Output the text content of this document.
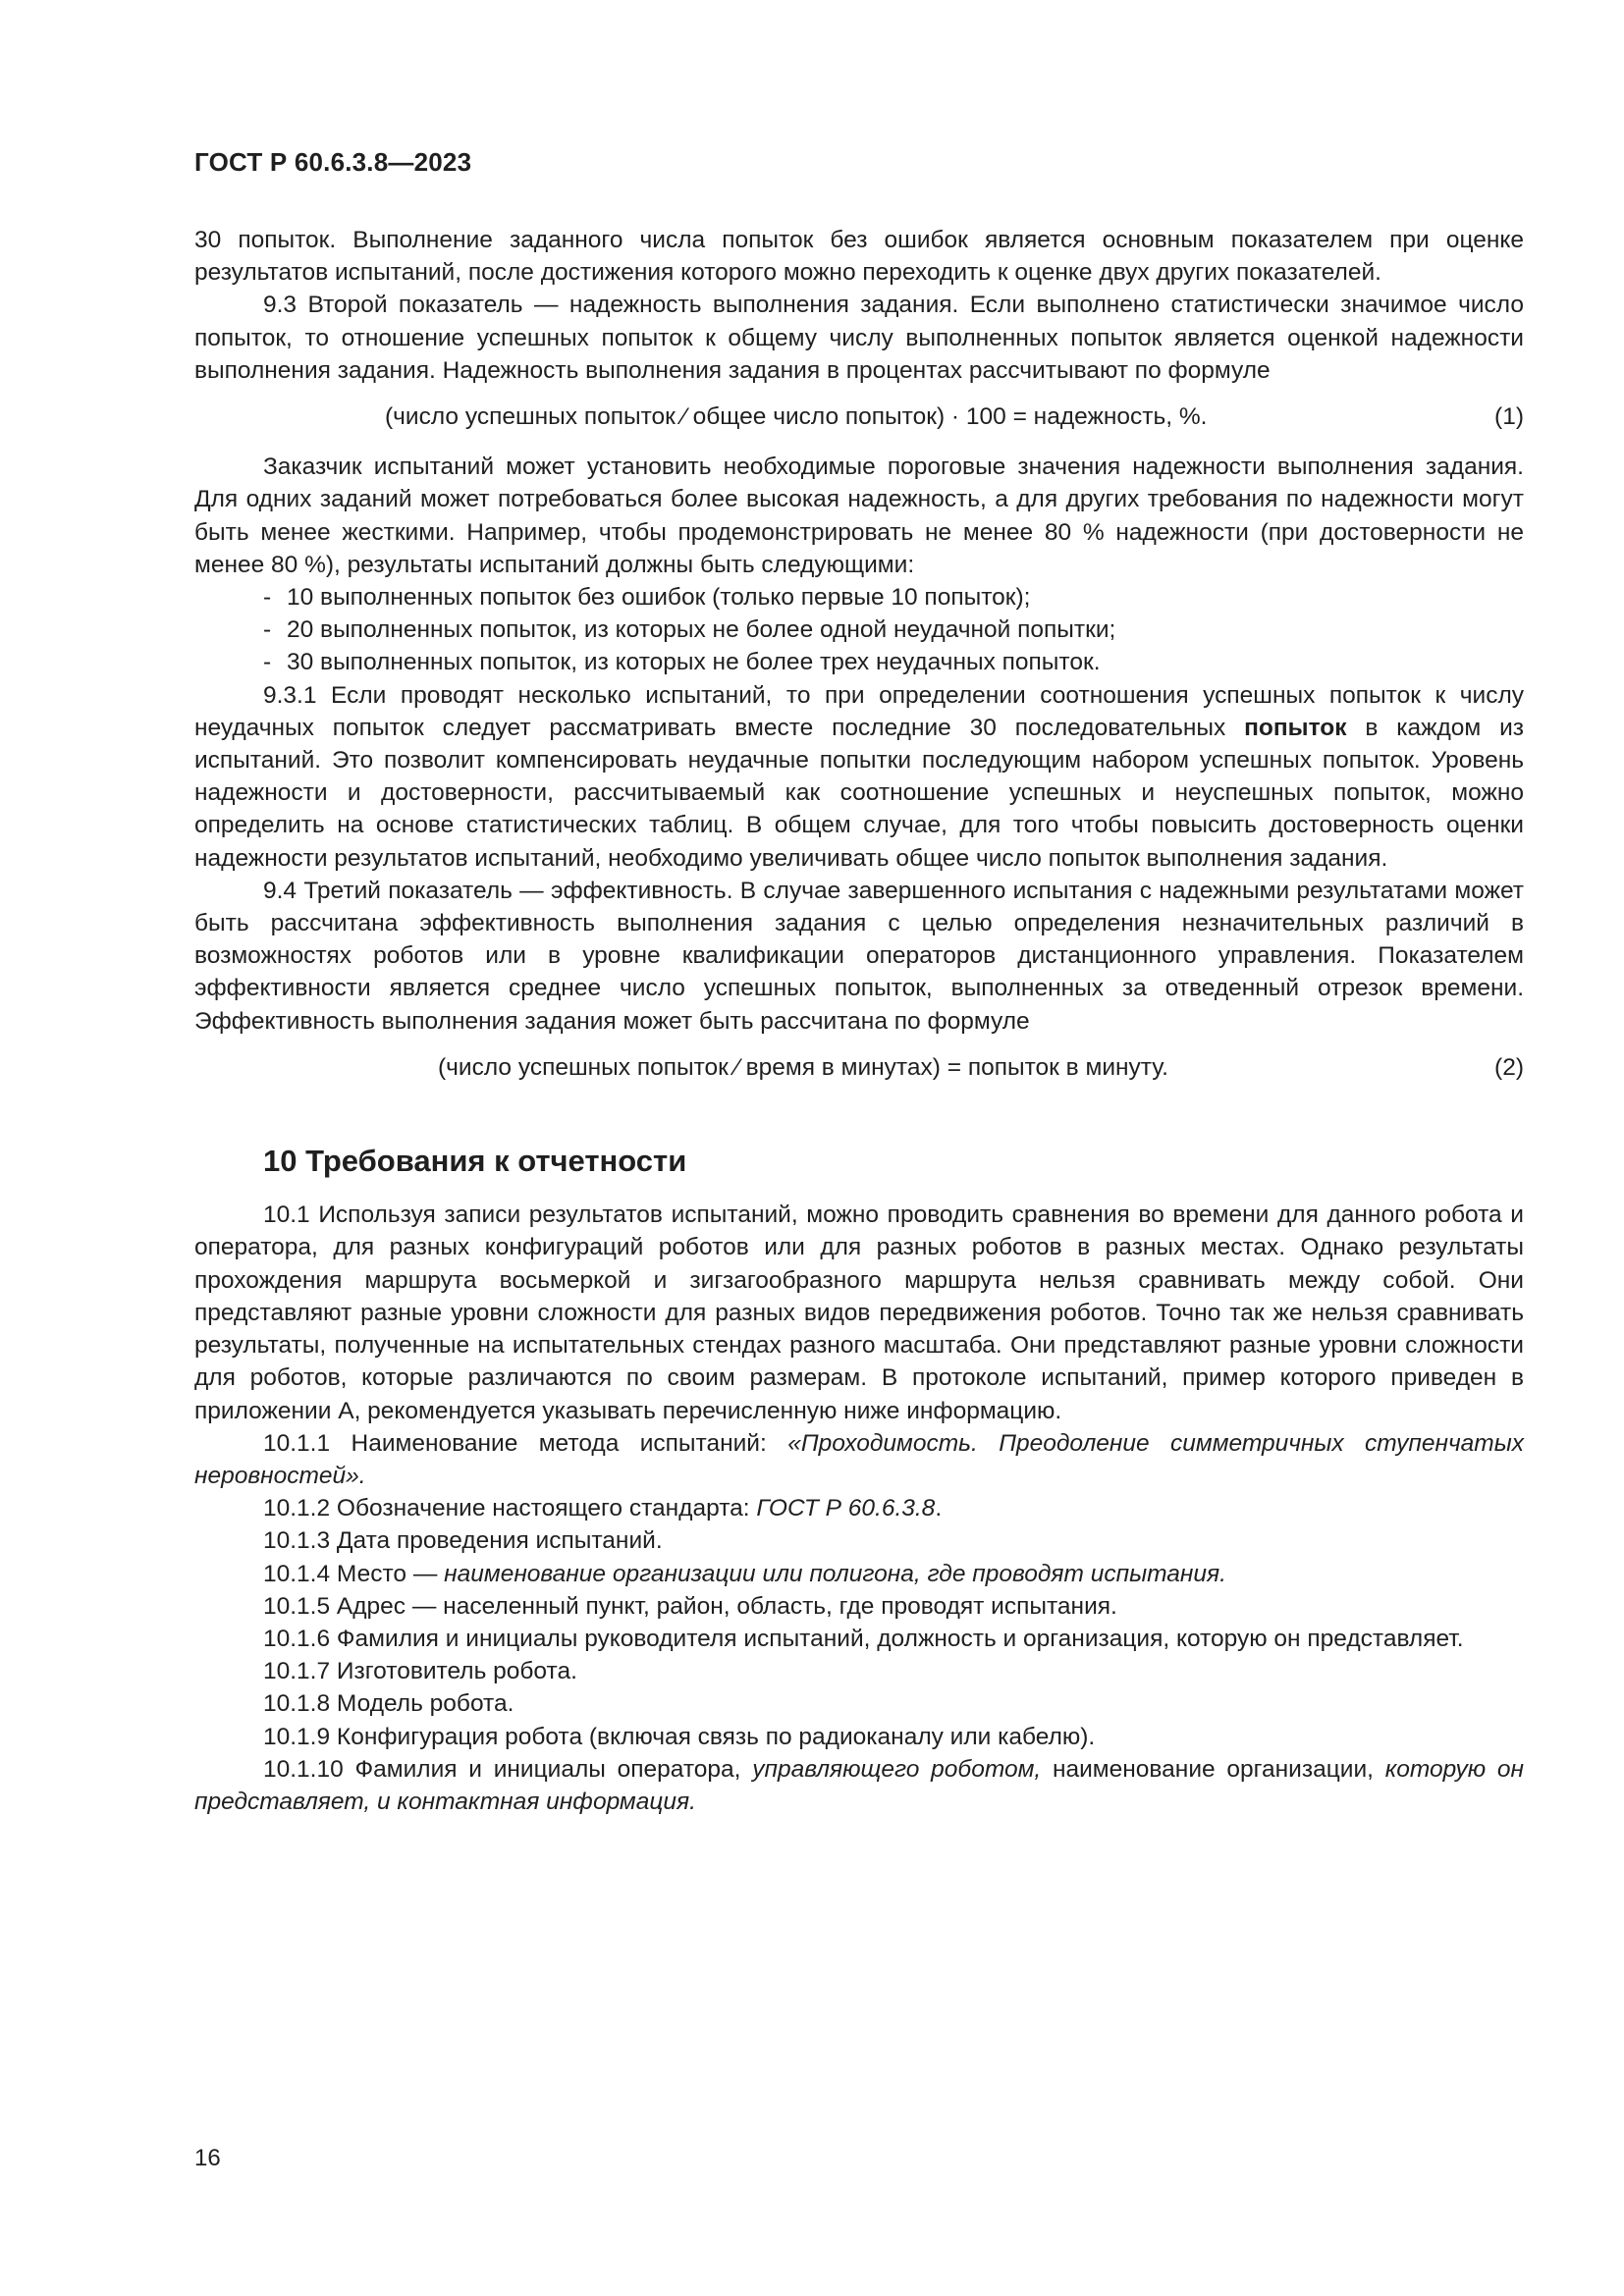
ГОСТ Р 60.6.3.8—2023

30 попыток. Выполнение заданного числа попыток без ошибок является основным показателем при оценке результатов испытаний, после достижения которого можно переходить к оценке двух других показателей.

9.3 Второй показатель — надежность выполнения задания. Если выполнено статистически значимое число попыток, то отношение успешных попыток к общему числу выполненных попыток является оценкой надежности выполнения задания. Надежность выполнения задания в процентах рассчитывают по формуле

(число успешных попыток ⁄ общее число попыток) · 100 = надежность, %.	(1)

Заказчик испытаний может установить необходимые пороговые значения надежности выполнения задания. Для одних заданий может потребоваться более высокая надежность, а для других требования по надежности могут быть менее жесткими. Например, чтобы продемонстрировать не менее 80 % надежности (при достоверности не менее 80 %), результаты испытаний должны быть следующими:

- 10 выполненных попыток без ошибок (только первые 10 попыток);

- 20 выполненных попыток, из которых не более одной неудачной попытки;

- 30 выполненных попыток, из которых не более трех неудачных попыток.

9.3.1 Если проводят несколько испытаний, то при определении соотношения успешных попыток к числу неудачных попыток следует рассматривать вместе последние 30 последовательных попыток в каждом из испытаний. Это позволит компенсировать неудачные попытки последующим набором успешных попыток. Уровень надежности и достоверности, рассчитываемый как соотношение успешных и неуспешных попыток, можно определить на основе статистических таблиц. В общем случае, для того чтобы повысить достоверность оценки надежности результатов испытаний, необходимо увеличивать общее число попыток выполнения задания.

9.4 Третий показатель — эффективность. В случае завершенного испытания с надежными результатами может быть рассчитана эффективность выполнения задания с целью определения незначительных различий в возможностях роботов или в уровне квалификации операторов дистанционного управления. Показателем эффективности является среднее число успешных попыток, выполненных за отведенный отрезок времени. Эффективность выполнения задания может быть рассчитана по формуле

(число успешных попыток ⁄ время в минутах) = попыток в минуту.	(2)
10 Требования к отчетности

10.1 Используя записи результатов испытаний, можно проводить сравнения во времени для данного робота и оператора, для разных конфигураций роботов или для разных роботов в разных местах. Однако результаты прохождения маршрута восьмеркой и зигзагообразного маршрута нельзя сравнивать между собой. Они представляют разные уровни сложности для разных видов передвижения роботов. Точно так же нельзя сравнивать результаты, полученные на испытательных стендах разного масштаба. Они представляют разные уровни сложности для роботов, которые различаются по своим размерам. В протоколе испытаний, пример которого приведен в приложении А, рекомендуется указывать перечисленную ниже информацию.

10.1.1 Наименование метода испытаний: «Проходимость. Преодоление симметричных ступенчатых неровностей».

10.1.2 Обозначение настоящего стандарта: ГОСТ Р 60.6.3.8.

10.1.3 Дата проведения испытаний.

10.1.4 Место — наименование организации или полигона, где проводят испытания.

10.1.5 Адрес — населенный пункт, район, область, где проводят испытания.

10.1.6 Фамилия и инициалы руководителя испытаний, должность и организация, которую он представляет.

10.1.7 Изготовитель робота.

10.1.8 Модель робота.

10.1.9 Конфигурация робота (включая связь по радиоканалу или кабелю).

10.1.10 Фамилия и инициалы оператора, управляющего роботом, наименование организации, которую он представляет, и контактная информация.

16
